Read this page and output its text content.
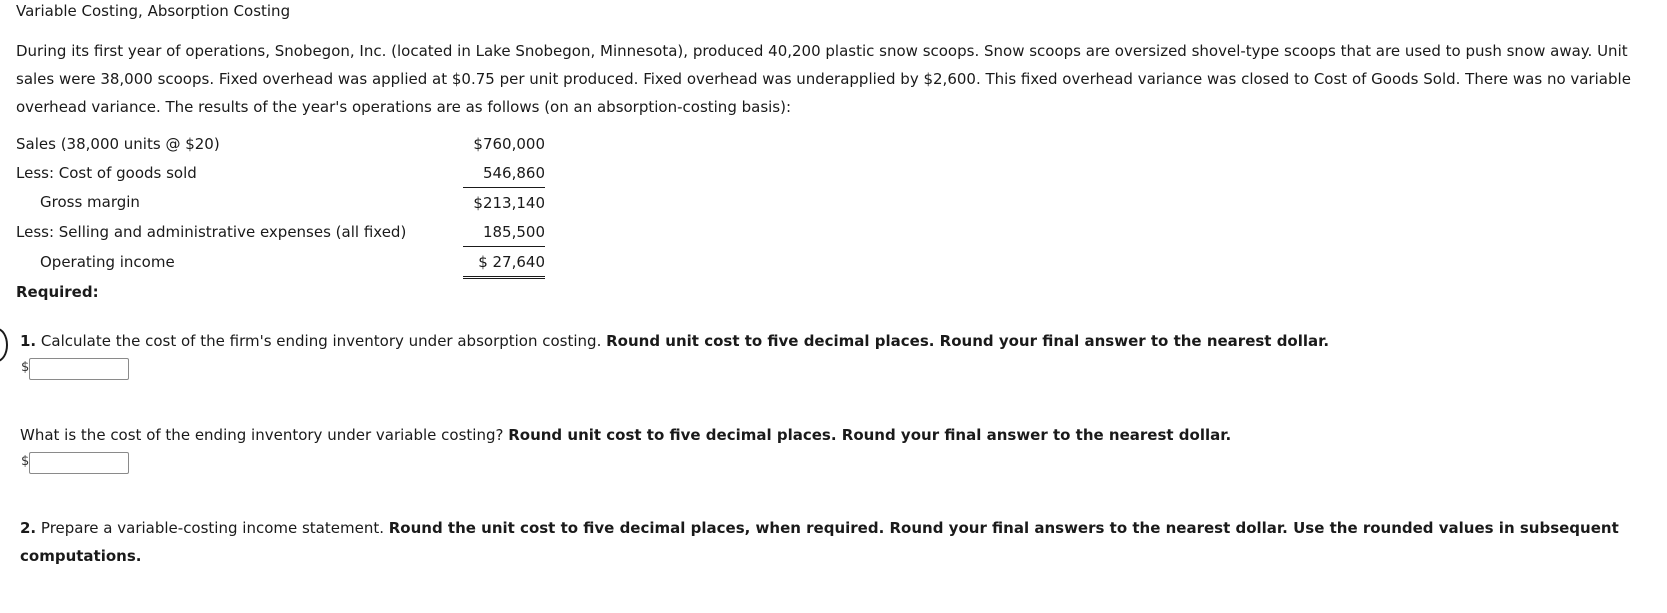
Variable Costing, Absorption Costing
During its first year of operations, Snobegon, Inc. (located in Lake Snobegon, Minnesota), produced 40,200 plastic snow scoops. Snow scoops are oversized shovel-type scoops that are used to push snow away. Unit sales were 38,000 scoops. Fixed overhead was applied at $0.75 per unit produced. Fixed overhead was underapplied by $2,600. This fixed overhead variance was closed to Cost of Goods Sold. There was no variable overhead variance. The results of the year's operations are as follows (on an absorption-costing basis):
Sales (38,000 units @ $20)	$760,000
Less: Cost of goods sold	546,860
Gross margin	$213,140
Less: Selling and administrative expenses (all fixed)	185,500
Operating income	$ 27,640
Required:
1. Calculate the cost of the firm's ending inventory under absorption costing. Round unit cost to five decimal places. Round your final answer to the nearest dollar.
$
What is the cost of the ending inventory under variable costing? Round unit cost to five decimal places. Round your final answer to the nearest dollar.
$
2. Prepare a variable-costing income statement. Round the unit cost to five decimal places, when required. Round your final answers to the nearest dollar. Use the rounded values in subsequent computations.
